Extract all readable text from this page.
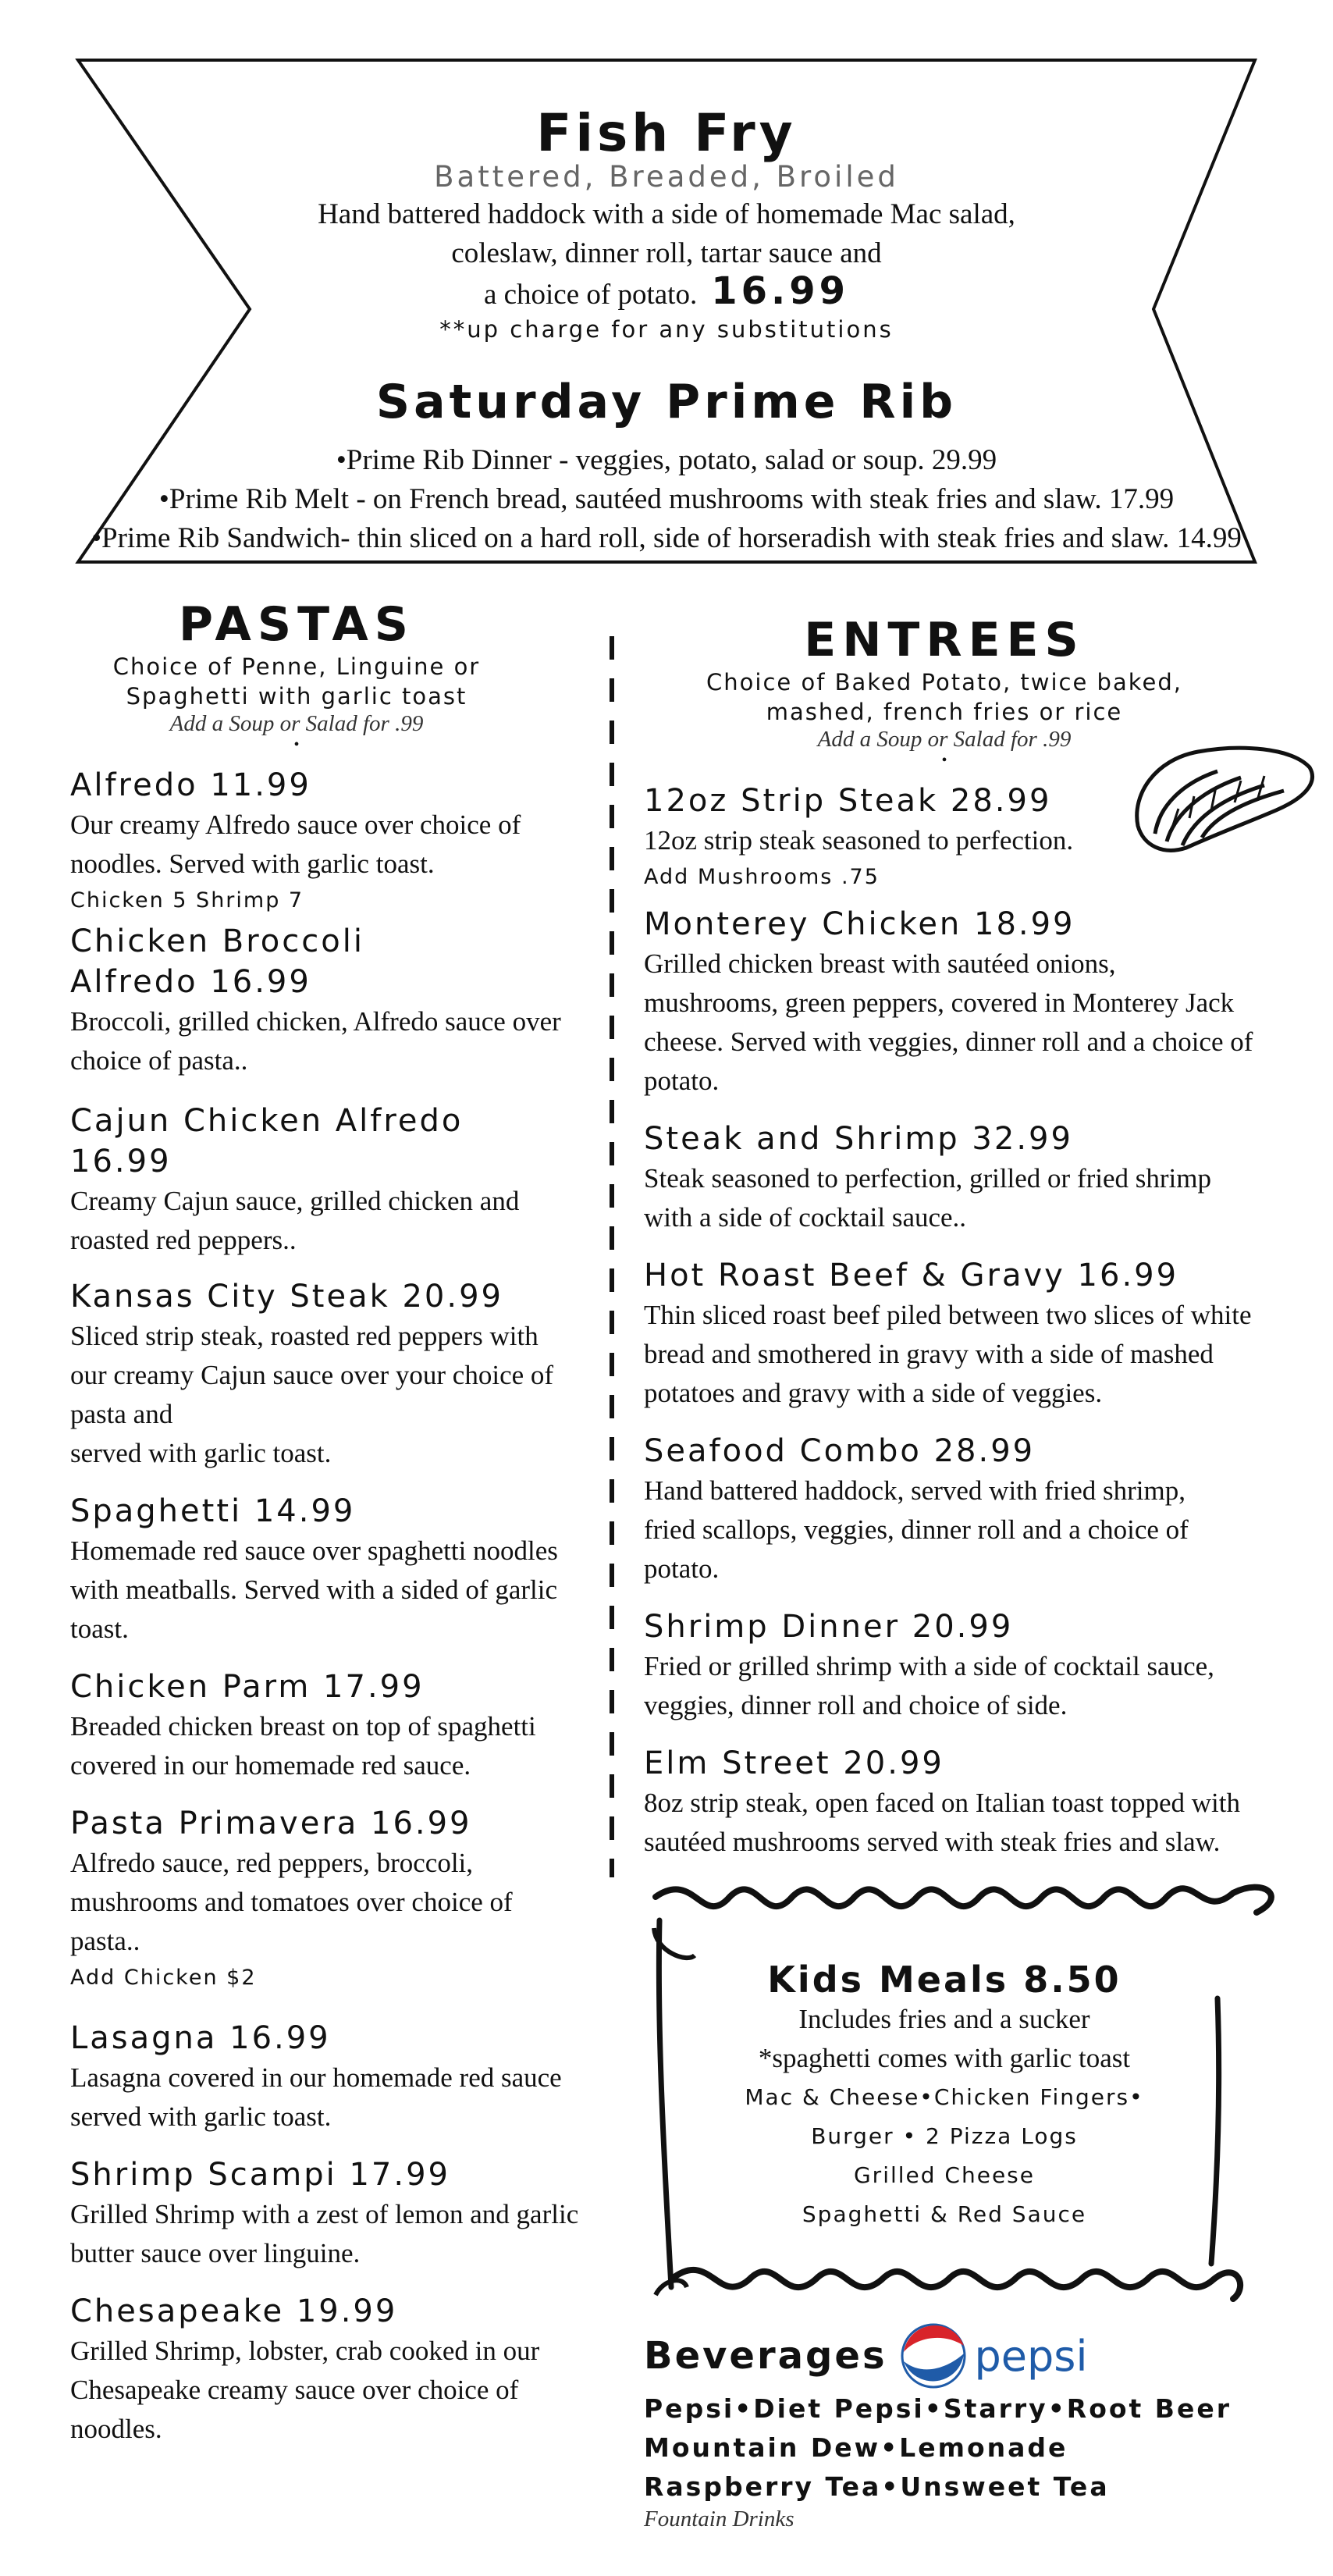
Fish Fry
Battered, Breaded, Broiled
Hand battered haddock with a side of homemade Mac salad,
coleslaw, dinner roll, tartar sauce and
a choice of potato. 16.99
**up charge for any substitutions
Saturday Prime Rib
•Prime Rib Dinner - veggies, potato, salad or soup. 29.99
•Prime Rib Melt - on French bread, sautéed mushrooms with steak fries and slaw. 17.99
•Prime Rib Sandwich- thin sliced on a hard roll, side of horseradish with steak fries and slaw. 14.99
PASTAS
Choice of Penne, Linguine or
Spaghetti with garlic toast
Add a Soup or Salad for .99
•
Alfredo 11.99
Our creamy Alfredo sauce over choice of
noodles. Served with garlic toast.
Chicken 5 Shrimp 7
Chicken Broccoli
Alfredo 16.99
Broccoli, grilled chicken, Alfredo sauce over
choice of pasta..
Cajun Chicken Alfredo
16.99
Creamy Cajun sauce, grilled chicken and
roasted red peppers..
Kansas City Steak 20.99
Sliced strip steak, roasted red peppers with
our creamy Cajun sauce over your choice of
pasta and
served with garlic toast.
Spaghetti 14.99
Homemade red sauce over spaghetti noodles
with meatballs. Served with a sided of garlic
toast.
Chicken Parm 17.99
Breaded chicken breast on top of spaghetti
covered in our homemade red sauce.
Pasta Primavera 16.99
Alfredo sauce, red peppers, broccoli,
mushrooms and tomatoes over choice of
pasta..
Add Chicken $2
Lasagna 16.99
Lasagna covered in our homemade red sauce
served with garlic toast.
Shrimp Scampi 17.99
Grilled Shrimp with a zest of lemon and garlic
butter sauce over linguine.
Chesapeake 19.99
Grilled Shrimp, lobster, crab cooked in our
Chesapeake creamy sauce over choice of
noodles.
ENTREES
Choice of Baked Potato, twice baked,
mashed, french fries or rice
Add a Soup or Salad for .99
•
12oz Strip Steak 28.99
12oz strip steak seasoned to perfection.
Add Mushrooms .75
Monterey Chicken 18.99
Grilled chicken breast with sautéed onions,
mushrooms, green peppers, covered in Monterey Jack
cheese. Served with veggies, dinner roll and a choice of
potato.
Steak and Shrimp 32.99
Steak seasoned to perfection, grilled or fried shrimp
with a side of cocktail sauce..
Hot Roast Beef & Gravy 16.99
Thin sliced roast beef piled between two slices of white
bread and smothered in gravy with a side of mashed
potatoes and gravy with a side of veggies.
Seafood Combo 28.99
Hand battered haddock, served with fried shrimp,
fried scallops, veggies, dinner roll and a choice of
potato.
Shrimp Dinner 20.99
Fried or grilled shrimp with a side of cocktail sauce,
veggies, dinner roll and choice of side.
Elm Street 20.99
8oz strip steak, open faced on Italian toast topped with
sautéed mushrooms served with steak fries and slaw.
Kids Meals 8.50
Includes fries and a sucker
*spaghetti comes with garlic toast
Mac & Cheese•Chicken Fingers•
Burger • 2 Pizza Logs
Grilled Cheese
Spaghetti & Red Sauce
Beverages pepsi
Pepsi•Diet Pepsi•Starry•Root Beer
Mountain Dew•Lemonade
Raspberry Tea•Unsweet Tea
Fountain Drinks
